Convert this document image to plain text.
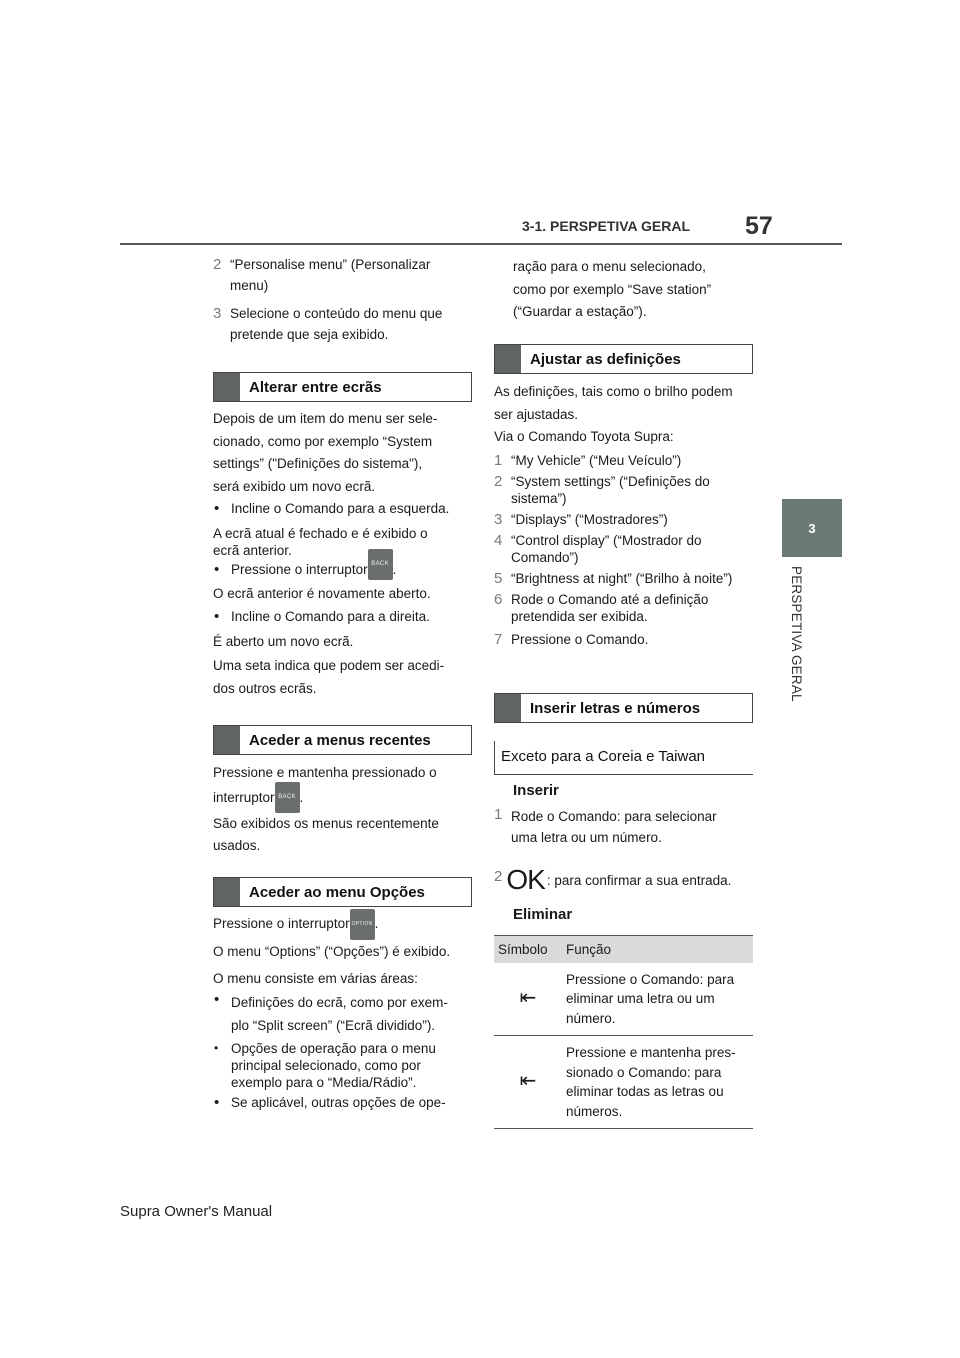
3-1. PERSPETIVA GERAL 57
3
PERSPETIVA GERAL
2 “Personalise menu” (Personalizar
menu)
3 Selecione o conteúdo do menu que
pretende que seja exibido.
Alterar entre ecrãs
Depois de um item do menu ser sele-
cionado, como por exemplo “System
settings” ("Definições do sistema"),
será exibido um novo ecrã.
• Incline o Comando para a esquerda.
A ecrã atual é fechado e é exibido o
ecrã anterior.
• Pressione o interruptor BACK .
O ecrã anterior é novamente aberto.
• Incline o Comando para a direita.
É aberto um novo ecrã.
Uma seta indica que podem ser acedi-
dos outros ecrãs.
Aceder a menus recentes
Pressione e mantenha pressionado o
interruptor BACK .
São exibidos os menus recentemente
usados.
Aceder ao menu Opções
Pressione o interruptor OPTION .
O menu “Options” (“Opções”) é exibido.
O menu consiste em várias áreas:
• Definições do ecrã, como por exem-
plo “Split screen” (“Ecrã dividido”).
• Opções de operação para o menu principal selecionado, como por exemplo para o “Media/Rádio”.
• Se aplicável, outras opções de ope-
ração para o menu selecionado,
como por exemplo “Save station”
(“Guardar a estação”).
Ajustar as definições
As definições, tais como o brilho podem
ser ajustadas.
Via o Comando Toyota Supra:
1 “My Vehicle” (“Meu Veículo”)
2 “System settings” (“Definições do sistema”)
3 “Displays” (“Mostradores”)
4 “Control display” (“Mostrador do Comando”)
5 “Brightness at night” (“Brilho à noite”)
6 Rode o Comando até a definição pretendida ser exibida.
7 Pressione o Comando.
Inserir letras e números
Exceto para a Coreia e Taiwan
Inserir
1 Rode o Comando: para selecionar
uma letra ou um número.
2 OK : para confirmar a sua entrada.
Eliminar
Símbolo	Função
⇤	Pressione o Comando: para eliminar uma letra ou um número.
⇤	Pressione e mantenha pres-sionado o Comando: para eliminar todas as letras ou números.
Supra Owner's Manual
